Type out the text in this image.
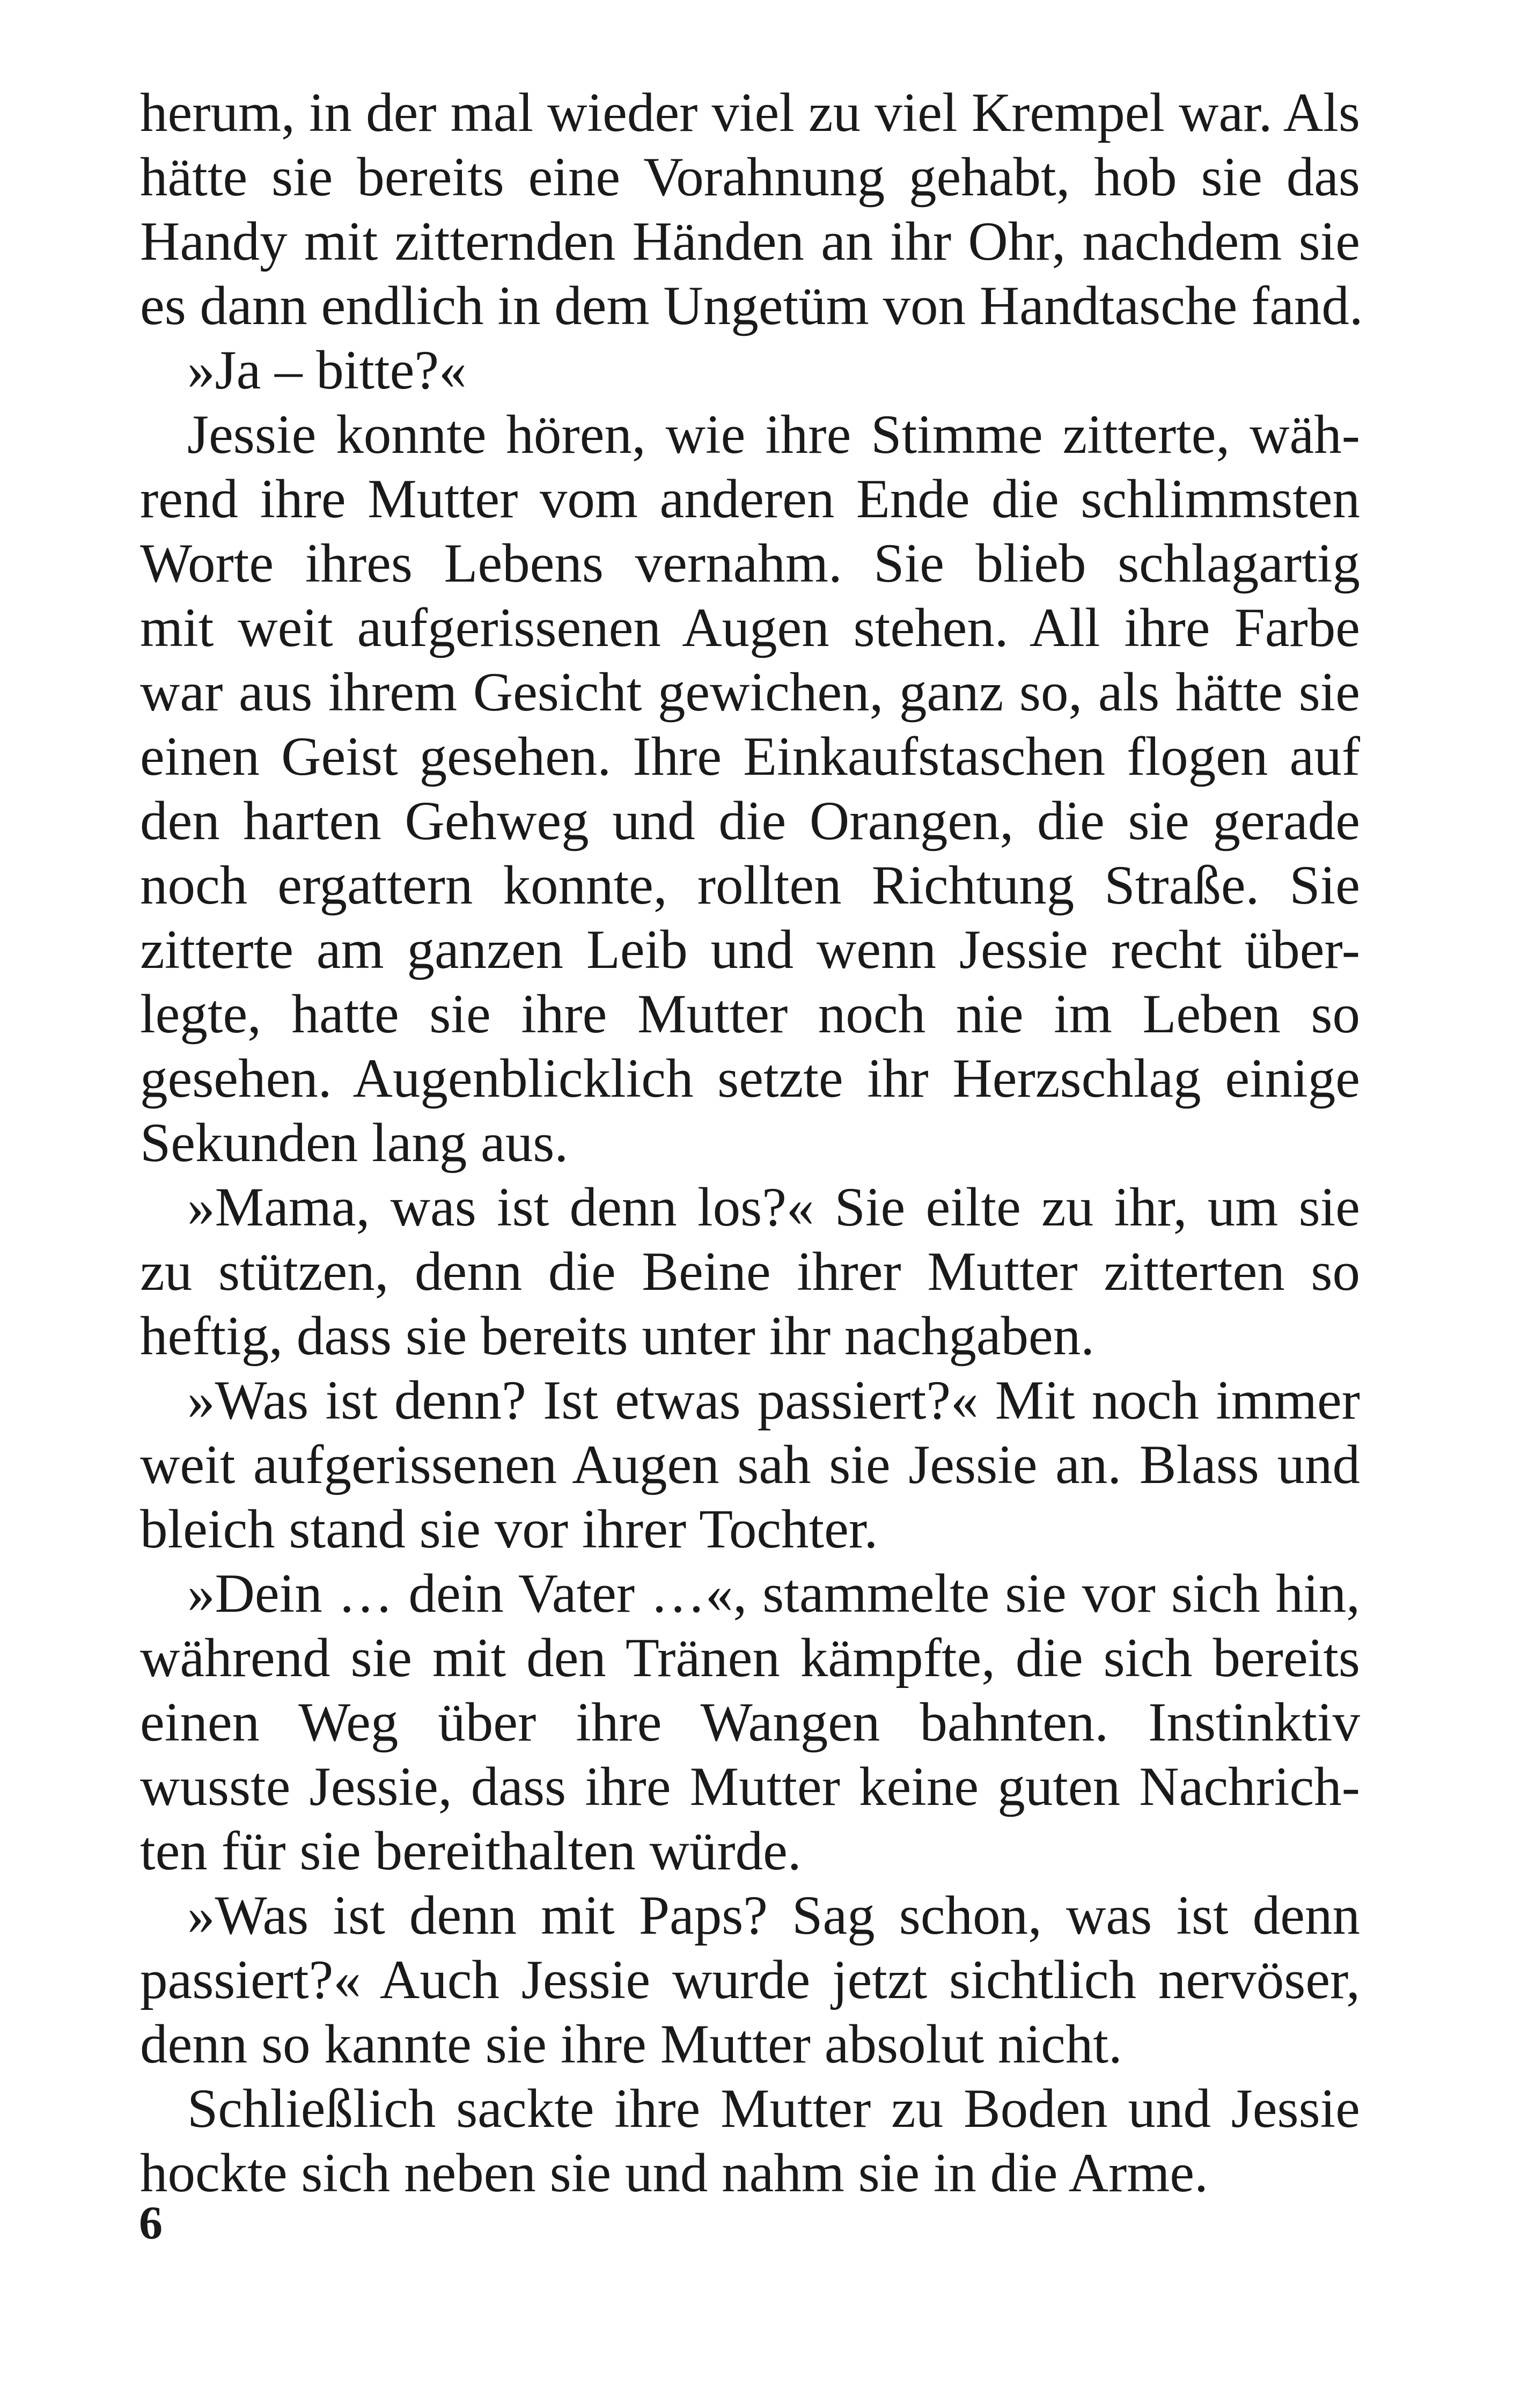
herum, in der mal wieder viel zu viel Krempel war. Als
hätte sie bereits eine Vorahnung gehabt, hob sie das
Handy mit zitternden Händen an ihr Ohr, nachdem sie
es dann endlich in dem Ungetüm von Handtasche fand.
»Ja – bitte?«
Jessie konnte hören, wie ihre Stimme zitterte, wäh-
rend ihre Mutter vom anderen Ende die schlimmsten
Worte ihres Lebens vernahm. Sie blieb schlagartig
mit weit aufgerissenen Augen stehen. All ihre Farbe
war aus ihrem Gesicht gewichen, ganz so, als hätte sie
einen Geist gesehen. Ihre Einkaufstaschen flogen auf
den harten Gehweg und die Orangen, die sie gerade
noch ergattern konnte, rollten Richtung Straße. Sie
zitterte am ganzen Leib und wenn Jessie recht über-
legte, hatte sie ihre Mutter noch nie im Leben so
gesehen. Augenblicklich setzte ihr Herzschlag einige
Sekunden lang aus.
»Mama, was ist denn los?« Sie eilte zu ihr, um sie
zu stützen, denn die Beine ihrer Mutter zitterten so
heftig, dass sie bereits unter ihr nachgaben.
»Was ist denn? Ist etwas passiert?« Mit noch immer
weit aufgerissenen Augen sah sie Jessie an. Blass und
bleich stand sie vor ihrer Tochter.
»Dein … dein Vater …«, stammelte sie vor sich hin,
während sie mit den Tränen kämpfte, die sich bereits
einen Weg über ihre Wangen bahnten. Instinktiv
wusste Jessie, dass ihre Mutter keine guten Nachrich-
ten für sie bereithalten würde.
»Was ist denn mit Paps? Sag schon, was ist denn
passiert?« Auch Jessie wurde jetzt sichtlich nervöser,
denn so kannte sie ihre Mutter absolut nicht.
Schließlich sackte ihre Mutter zu Boden und Jessie
hockte sich neben sie und nahm sie in die Arme.
6
